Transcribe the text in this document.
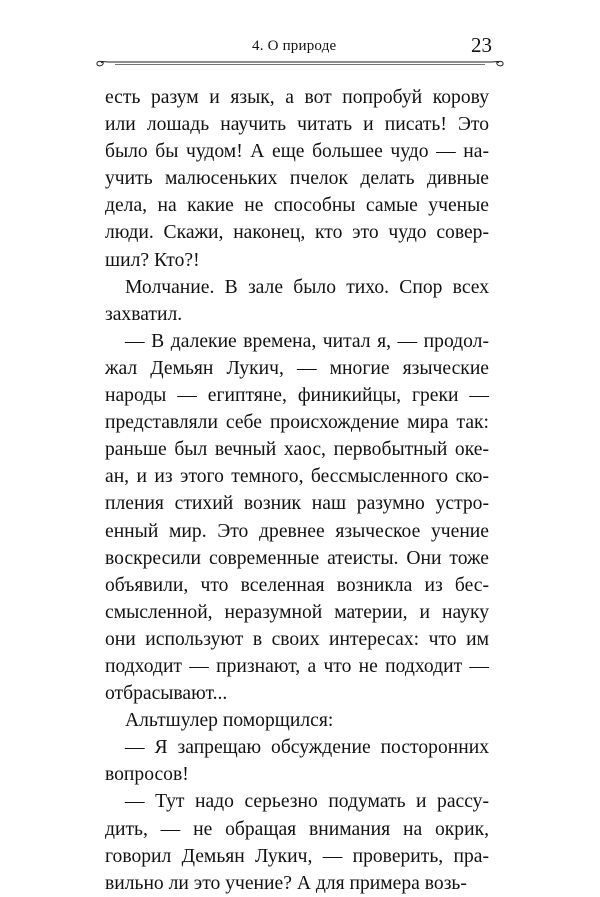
4. О природе	23

есть разум и язык, а вот попробуй корову
или лошадь научить читать и писать! Это
было бы чудом! А еще большее чудо — на-
учить малюсеньких пчелок делать дивные
дела, на какие не способны самые ученые
люди. Скажи, наконец, кто это чудо совер-
шил? Кто?!

Молчание. В зале было тихо. Спор всех
захватил.

— В далекие времена, читал я, — продол-
жал Демьян Лукич, — многие языческие
народы — египтяне, финикийцы, греки —
представляли себе происхождение мира так:
раньше был вечный хаос, первобытный оке-
ан, и из этого темного, бессмысленного ско-
пления стихий возник наш разумно устро-
енный мир. Это древнее языческое учение
воскресили современные атеисты. Они тоже
объявили, что вселенная возникла из бес-
смысленной, неразумной материи, и науку
они используют в своих интересах: что им
подходит — признают, а что не подходит —
отбрасывают...

Альтшулер поморщился:

— Я запрещаю обсуждение посторонних
вопросов!

— Тут надо серьезно подумать и рассу-
дить, — не обращая внимания на окрик,
говорил Демьян Лукич, — проверить, пра-
вильно ли это учение? А для примера возь-
